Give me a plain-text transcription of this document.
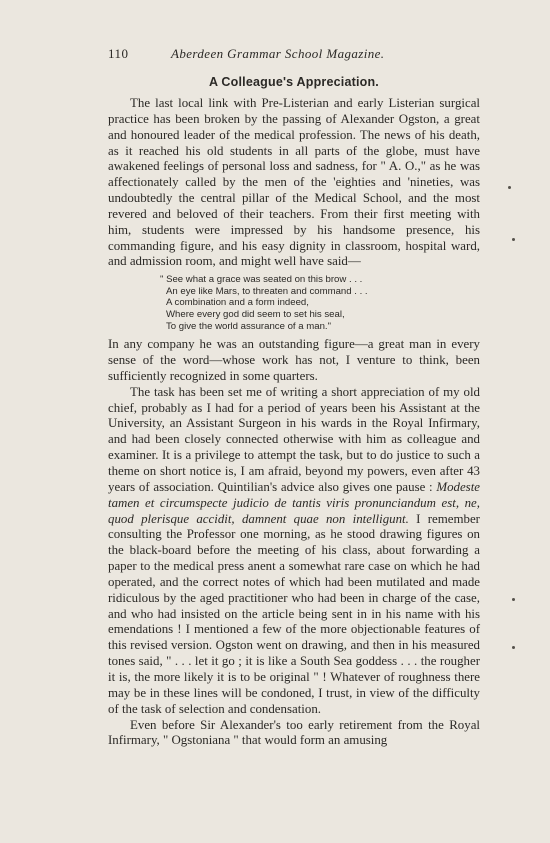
110	Aberdeen Grammar School Magazine.
A Colleague's Appreciation.

The last local link with Pre-Listerian and early Listerian surgical practice has been broken by the passing of Alexander Ogston, a great and honoured leader of the medical profession. The news of his death, as it reached his old students in all parts of the globe, must have awakened feelings of personal loss and sadness, for " A. O.," as he was affectionately called by the men of the 'eighties and 'nineties, was undoubtedly the central pillar of the Medical School, and the most revered and beloved of their teachers. From their first meeting with him, students were impressed by his handsome presence, his commanding figure, and his easy dignity in classroom, hospital ward, and admission room, and might well have said—

" See what a grace was seated on this brow . . .
An eye like Mars, to threaten and command . . .
A combination and a form indeed,
Where every god did seem to set his seal,
To give the world assurance of a man."

In any company he was an outstanding figure—a great man in every sense of the word—whose work has not, I venture to think, been sufficiently recognized in some quarters.

The task has been set me of writing a short appreciation of my old chief, probably as I had for a period of years been his Assistant at the University, an Assistant Surgeon in his wards in the Royal Infirmary, and had been closely connected otherwise with him as colleague and examiner. It is a privilege to attempt the task, but to do justice to such a theme on short notice is, I am afraid, beyond my powers, even after 43 years of association. Quintilian's advice also gives one pause : Modeste tamen et circumspecte judicio de tantis viris pronunciandum est, ne, quod plerisque accidit, damnent quae non intelligunt. I remember consulting the Professor one morning, as he stood drawing figures on the black-board before the meeting of his class, about forwarding a paper to the medical press anent a somewhat rare case on which he had operated, and the correct notes of which had been mutilated and made ridiculous by the aged practitioner who had been in charge of the case, and who had insisted on the article being sent in in his name with his emendations ! I mentioned a few of the more objectionable features of this revised version. Ogston went on drawing, and then in his measured tones said, " . . . let it go ; it is like a South Sea goddess . . . the rougher it is, the more likely it is to be original " ! Whatever of roughness there may be in these lines will be condoned, I trust, in view of the difficulty of the task of selection and condensation.

Even before Sir Alexander's too early retirement from the Royal Infirmary, " Ogstoniana " that would form an amusing
